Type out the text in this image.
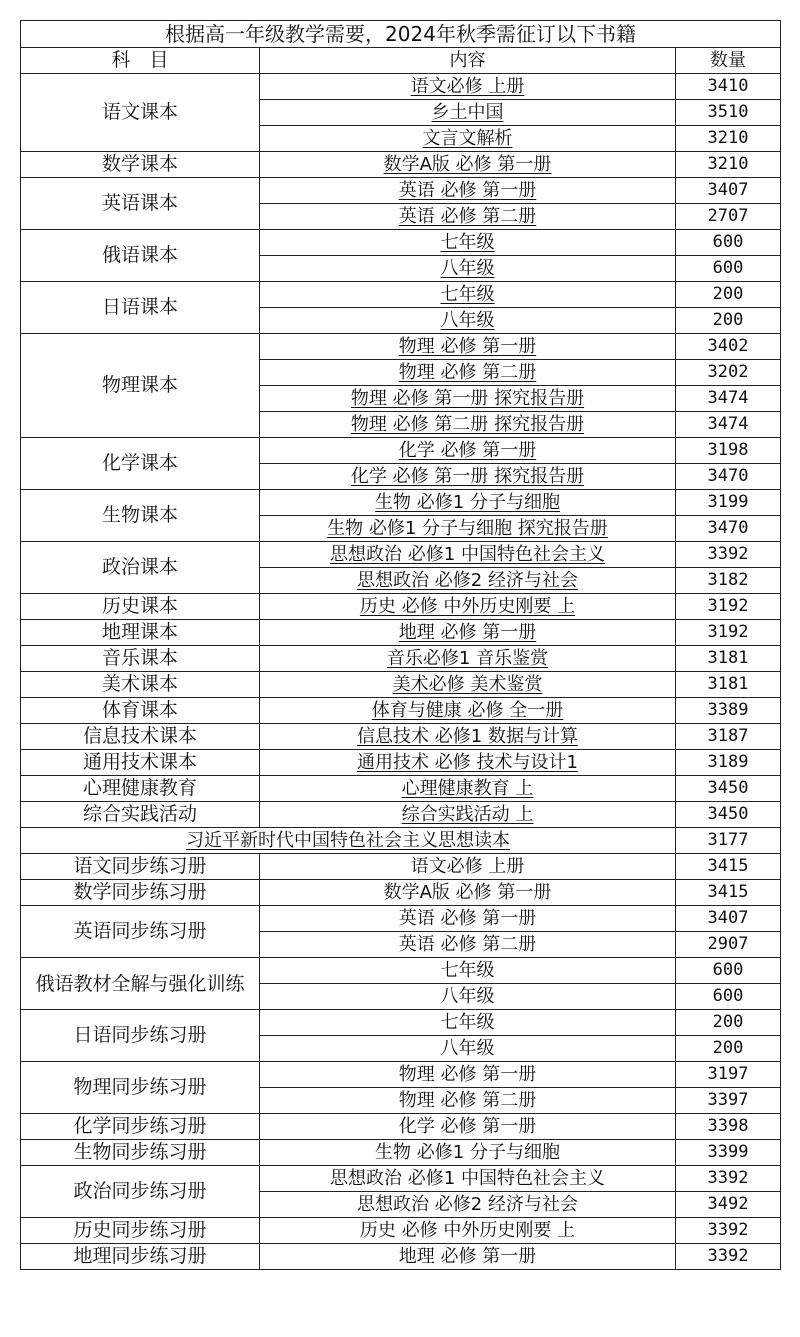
根据高一年级教学需要，2024年秋季需征订以下书籍		
科　目	内容	数量
语文课本	语文必修 上册	3410
	乡土中国	3510
	文言文解析	3210
数学课本	数学A版 必修 第一册	3210
英语课本	英语 必修 第一册	3407
	英语 必修 第二册	2707
俄语课本	七年级	600
	八年级	600
日语课本	七年级	200
	八年级	200
物理课本	物理 必修 第一册	3402
	物理 必修 第二册	3202
	物理 必修 第一册 探究报告册	3474
	物理 必修 第二册 探究报告册	3474
化学课本	化学 必修 第一册	3198
	化学 必修 第一册 探究报告册	3470
生物课本	生物 必修1 分子与细胞	3199
	生物 必修1 分子与细胞 探究报告册	3470
政治课本	思想政治 必修1 中国特色社会主义	3392
	思想政治 必修2 经济与社会	3182
历史课本	历史 必修 中外历史刚要 上	3192
地理课本	地理 必修 第一册	3192
音乐课本	音乐必修1 音乐鉴赏	3181
美术课本	美术必修 美术鉴赏	3181
体育课本	体育与健康 必修 全一册	3389
信息技术课本	信息技术 必修1 数据与计算	3187
通用技术课本	通用技术 必修 技术与设计1	3189
心理健康教育	心理健康教育 上	3450
综合实践活动	综合实践活动 上	3450
习近平新时代中国特色社会主义思想读本		3177
语文同步练习册	语文必修 上册	3415
数学同步练习册	数学A版 必修 第一册	3415
英语同步练习册	英语 必修 第一册	3407
	英语 必修 第二册	2907
俄语教材全解与强化训练	七年级	600
	八年级	600
日语同步练习册	七年级	200
	八年级	200
物理同步练习册	物理 必修 第一册	3197
	物理 必修 第二册	3397
化学同步练习册	化学 必修 第一册	3398
生物同步练习册	生物 必修1 分子与细胞	3399
政治同步练习册	思想政治 必修1 中国特色社会主义	3392
	思想政治 必修2 经济与社会	3492
历史同步练习册	历史 必修 中外历史刚要 上	3392
地理同步练习册	地理 必修 第一册	3392
